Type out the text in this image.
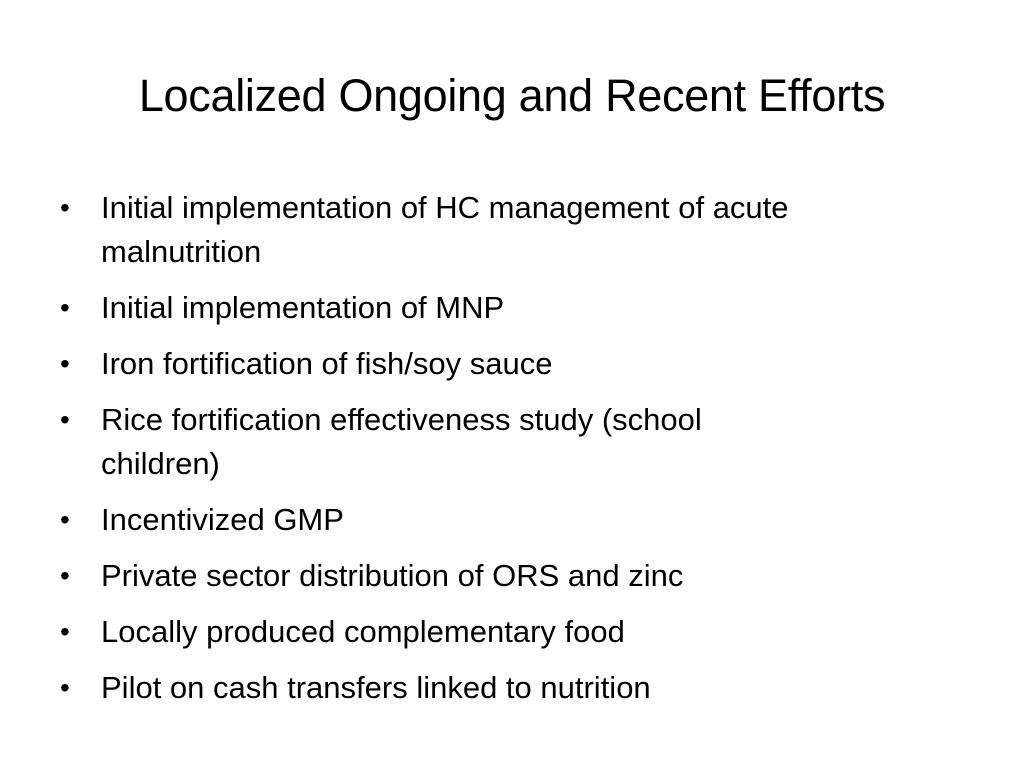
Localized Ongoing and Recent Efforts
•	Initial implementation of HC management of acute malnutrition
•	Initial implementation of MNP
•	Iron fortification of fish/soy sauce
•	Rice fortification effectiveness study (school children)
•	Incentivized GMP
•	Private sector distribution of ORS and zinc
•	Locally produced complementary food
•	Pilot on cash transfers linked to nutrition
